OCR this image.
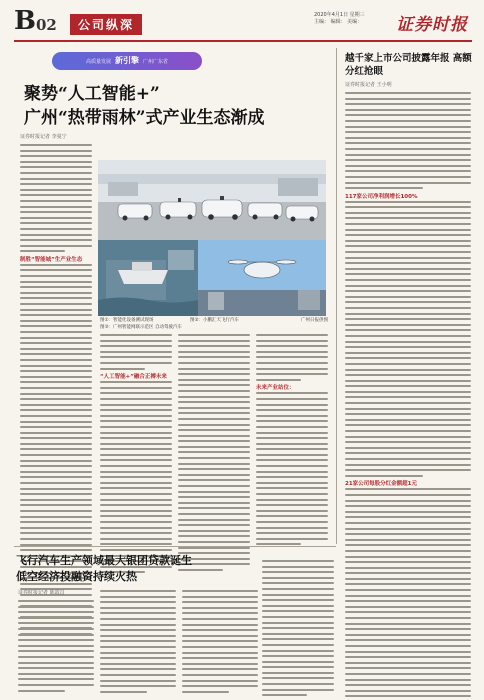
B 02	公司纵深
2020年4月1日 星期三
主编： 编辑： 美编：	证券时报
高质量发展 新引擎 广州广东省
聚势“人工智能+”
广州“热带雨林”式产业生态渐成
证券时报记者 李曼宁
制胜“智能城”生产业生态
图①：智能化设备测试现场	图②：小鹏汇天飞行汽车
图③：广州智能网联示范区 自动驾驶汽车
广州日报供图
“人工智能+”融合正搏未来
未来产业站位：
越千家上市公司披露年报 高额分红抢眼
证券时报记者 王小明
117家公司净利润增长100%
21家公司每股分红金额超1元
飞行汽车生产领域最大银团贷款诞生
低空经济投融资持续火热
证券时报记者 陈霞昌
